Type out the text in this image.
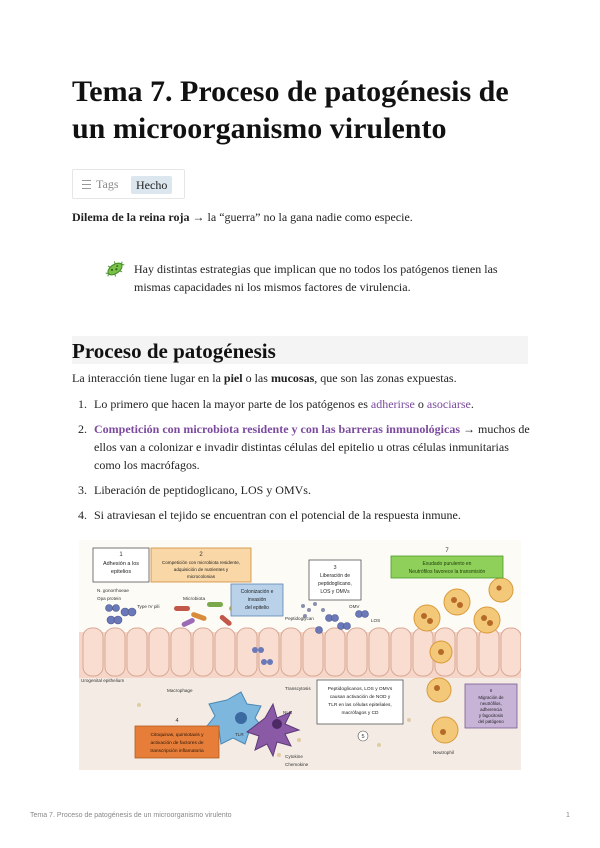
Tema 7. Proceso de patogénesis de un microorganismo virulento
Tags	Hecho

Dilema de la reina roja → la “guerra” no la gana nadie como especie.

Hay distintas estrategias que implican que no todos los patógenos tienen las mismas capacidades ni los mismos factores de virulencia.

Proceso de patogénesis

La interacción tiene lugar en la piel o las mucosas, que son las zonas expuestas.

1. Lo primero que hacen la mayor parte de los patógenos es adherirse o asociarse.
2. Competición con microbiota residente y con las barreras inmunológicas → muchos de ellos van a colonizar e invadir distintas células del epitelio u otras células inmunitarias como los macrófagos.
3. Liberación de peptidoglicano, LOS y OMVs.
4. Si atraviesan el tejido se encuentran con el potencial de la respuesta inmune.
1
Adhesión a los
epitelios
2
Competición con microbiota residente,
adquisición de nutrientes y
microcolonias
Colonización e
invasión
del epitelio
3
Liberación de
peptidoglicano,
LOS y OMVs
7
Exudado purulento en
Neutrófilos favorece la transmisión
N. gonorrhoeae
Opa protein
Type IV pili
Microbiota
OMV
LOS
Peptidoglycan
Urogenital epithelium
Macrophage	Transcytosis
NLR
TLR
Peptidoglicanos, LOS y OMVs
causan activación de NOD y
TLR en las células epiteliales,
macrófagos y CD
4
Citoquinas, quimiotaxis y
activación de factores de
transcripción inflamatoria
5
Cytokine
Chemokine
Neutrophil
6
Migración de
neutrófilos,
adherencia
y fagocitosis
del patógeno
Tema 7. Proceso de patogénesis de un microorganismo virulento	1
